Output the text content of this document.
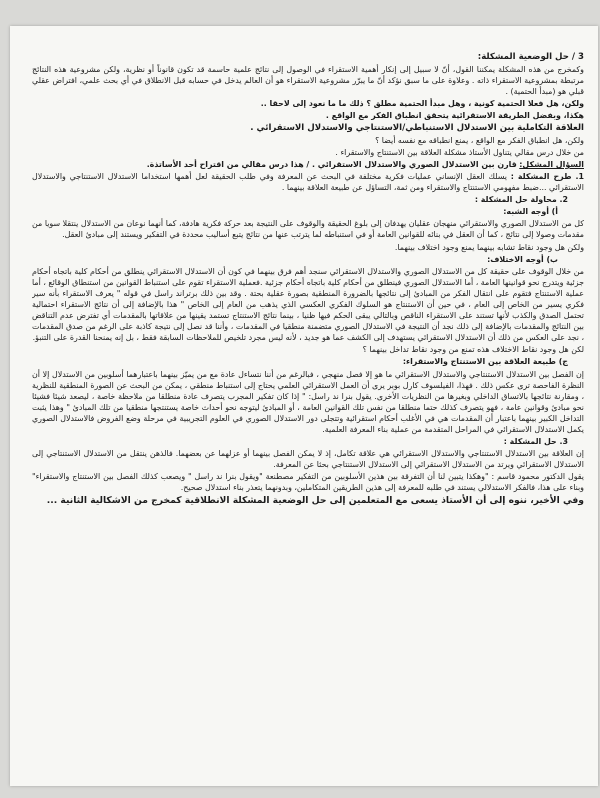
3 / حل الوضعية المشكلة:

وكمخرج من هذه المشكلة يمكننا القول، أنّ لا سبيل إلى إنكار أهمية الاستقراء في الوصول إلى نتائج علمية حاسمة قد تكون قانوناً أو نظرية، ولكن مشروعية هذه النتائج مرتبطة بمشروعية الاستقراء ذاته . وعلاوة على ما سبق نؤكد أنّ ما يبرّر مشروعية الاستقراء هو أن العالم يدخل في حسابه قبل الانطلاق في أي بحث علمي، افتراض عقلي قبلي هو (مبدأ الحتمية) .

ولكن، هل فعلا الحتمية كونية ، وهل مبدأ الحتمية مطلق ؟ ذلك ما ما نعود إلى لاحقا ..

هكذا، وبفضل الطريقة الاستقرائية يتحقق انطباق الفكر مع الواقع .

العلاقة التكاملية بين الاستدلال الاستنباطي/الاستنتاجي والاستدلال الاستقرائي .

ولكن، هل انطباق الفكر مع الواقع ، يمنع انطباقه مع نفسه أيضا ؟

من خلال درس مقالي يتناول الأستاذ مشكلة العلاقة بين الاستنتاج والاستقراء .

السؤال المشكل: قارن بين الاستدلال الصوري والاستدلال الاستقرائي . / هذا درس مقالي من اقتراح أحد الأساتذة.

1. طرح المشكلة : يسلك العقل الإنساني عمليات فكرية مختلفة في البحث عن المعرفة وفي طلب الحقيقة لعل أهمها استخداما الاستدلال الاستنتاجي والاستدلال الاستقرائي ...ضبط مفهومي الاستنتاج والاستقراء ومن ثمة، التساؤل عن طبيعة العلاقة بينهما .

2. محاولة حل المشكلة :

أ) أوجه الشبه:

كل من الاستدلال الصوري والاستقرائي منهجان عقليان يهدفان إلى بلوغ الحقيقة والوقوف على النتيجة بعد حركة فكرية هادفة، كما أنهما نوعان من الاستدلال ينتقلا سويا من مقدمات وصولا إلى نتائج ، كما أن العقل في بنائه للقوانين العامة أو في استنباطه لما يترتب عنها من نتائج يتبع أساليب محددة في التفكير ويستند إلى مبادئ العقل.

ولكن هل وجود نقاط تشابه بينهما يمنع وجود اختلاف بينهما.

ب) أوجه الاختلاف:

من خلال الوقوف على حقيقة كل من الاستدلال الصوري والاستدلال الاستقرائي سنجد أهم فرق بينهما في كون أن الاستدلال الاستقرائي ينطلق من أحكام كلية باتجاه أحكام جزئية ويتدرج نحو قوانينها العامة ، أما الاستدلال الصوري فينطلق من أحكام كلية باتجاه أحكام جزئية .فعملية الاستقراء تقوم على استنباط القوانين من استنطاق الوقائع ، أما عملية الاستنتاج فتقوم على انتقال الفكر من المبادئ إلى نتائجها بالضرورة المنطقية بصورة عقلية بحتة . وقد بين ذلك برتراند راسل في قوله " يعرف الاستقراء بأنه سير فكري يسير من الخاص إلى العام ، في حين أن الاستنتاج هو السلوك الفكري العكسي الذي يذهب من العام إلى الخاص " هذا بالإضافة إلى أن نتائج الاستقراء احتمالية تحتمل الصدق والكذب لأنها تستند على الاستقراء الناقص وبالتالي يبقى الحكم فيها ظنيا ، بينما نتائج الاستنتاج تستمد يقينها من علاقاتها بالمقدمات أي تفترض عدم التناقض بين النتائج والمقدمات بالإضافة إلى ذلك نجد أن النتيجة في الاستدلال الصوري متضمنة منطقيا في المقدمات ، وأننا قد نصل إلى نتيجة كاذبة على الرغم من صدق المقدمات ، نجد على العكس من ذلك أن الاستدلال الاستقرائي يستهدف إلى الكشف عما هو جديد ، لأنه ليس مجرد تلخيص للملاحظات السابقة فقط ، بل إنه يمنحنا القدرة على التنبؤ.

لكن هل وجود نقاط الاختلاف هذه تمنع من وجود نقاط تداخل بينهما ؟

ج) طبيعة العلاقة بين الاستنتاج والاستقراء:

إن الفصل بين الاستدلال الاستنتاجي والاستدلال الاستقرائي ما هو إلا فصل منهجي ، فبالرغم من أننا نتساءل عادة مع من يميّز بينهما باعتبارهما أسلوبين من الاستدلال إلا أن النظرة الفاحصة ترى عكس ذلك . فهذا، الفيلسوف كارل بوبر يرى أن العمل الاستقرائي العلمي يحتاج إلى استنباط منطقي ، يمكن من البحث عن الصورة المنطقية للنظرية ، ومقارنة نتائجها بالاتساق الداخلي وبغيرها من النظريات الأخرى. يقول بنرا ند راسل: " إذا كان تفكير المجرب يتصرف عادة منطلقا من ملاحظة خاصة ، ليصعد شيئا فشيئا نحو مبادئ وقوانين عامة ، فهو يتصرف كذلك حتما منطلقا من نفس تلك القوانين العامة ، أو المبادئ ليتوجه نحو أحداث خاصة يستنتجها منطقيا من تلك المبادئ " وهذا يثبت التداخل الكبير بينهما باعتبار أن المقدمات هي في الأغلب أحكام استقرائية وتتجلى دور الاستدلال الصوري في العلوم التجريبية في مرحلة وضع الفروض فالاستدلال الصوري يكمل الاستدلال الاستقرائي في المراحل المتقدمة من عملية بناء المعرفة العلمية.

3. حل المشكلة :

إن العلاقة بين الاستدلال الاستنتاجي والاستدلال الاستقرائي هي علاقة تكامل، إذ لا يمكن الفصل بينهما أو عزلهما عن بعضهما. فالذهن ينتقل من الاستدلال الاستنتاجي إلى الاستدلال الاستقرائي ويرتد من الاستدلال الاستقرائي إلى الاستدلال الاستنتاجي بحثا عن المعرفة.

يقول الدكتور محمود قاسم : "وهكذا يتبين لنا أن التفرقة بين هذين الأسلوبين من التفكير مصطنعة "ويقول بنرا ند راسل " ويصعب كذلك الفصل بين الاستنتاج والاستقراء" وبناء على هذا، فالفكر الاستدلالي يستند في طلبه للمعرفة إلى هذين الطريقين المتكاملين، وبدونهما يتعذر بناء استدلال صحيح.

وفي الأخير، ننوه إلى أن الأستاذ يسعى مع المتعلمين إلى حل الوضعية المشكلة الانطلاقية كمخرج من الاشكالية الثانية ...
